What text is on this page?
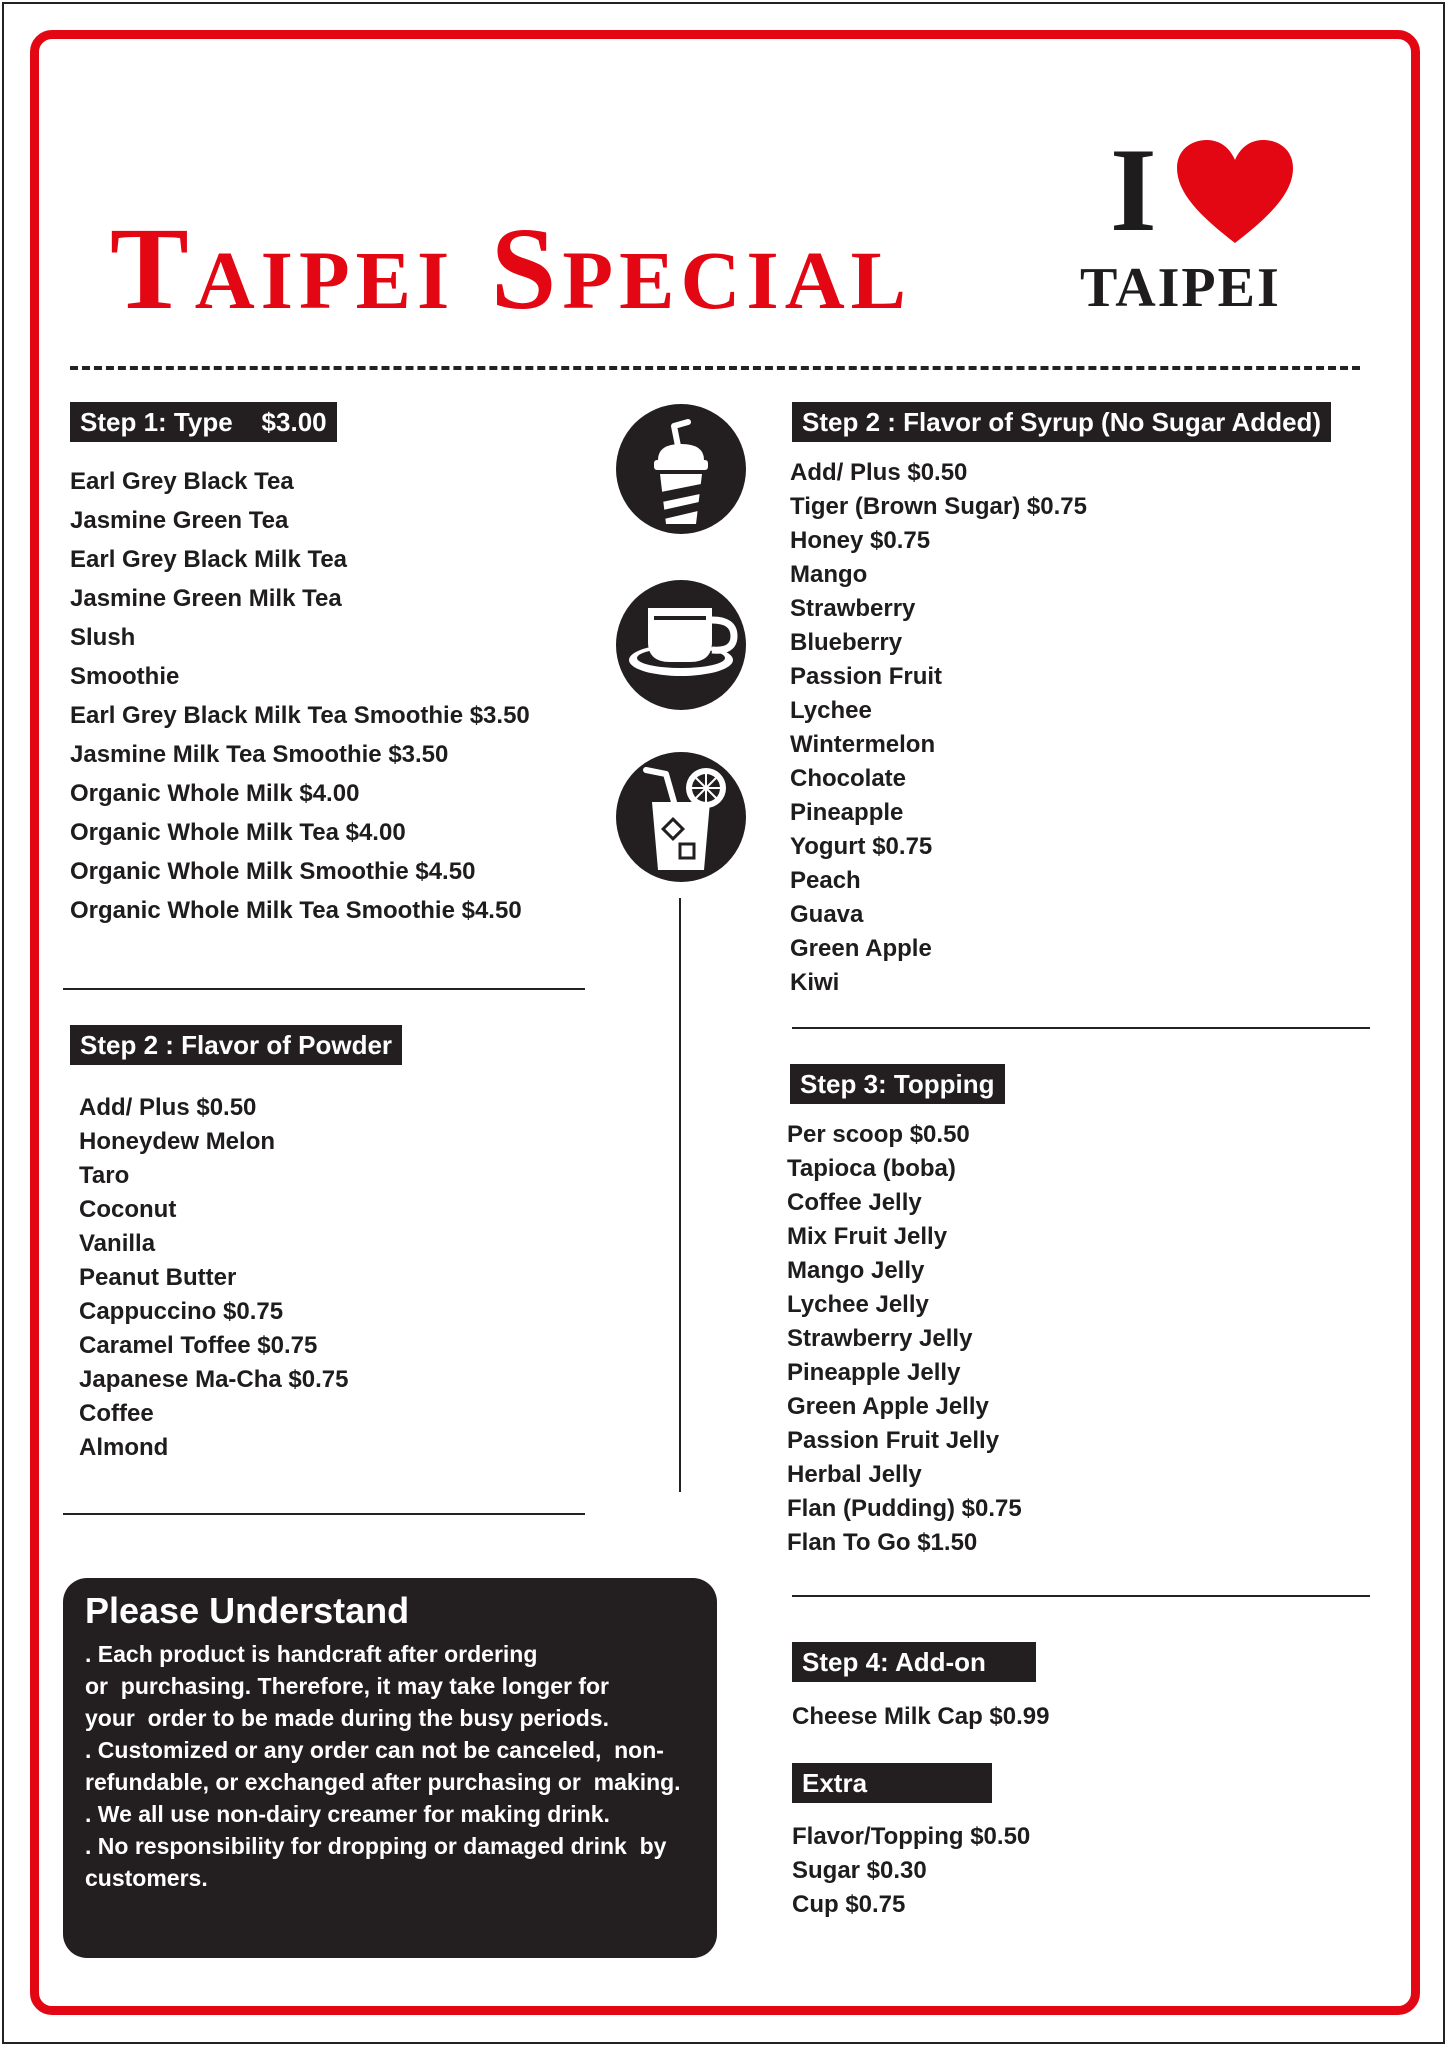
Taipei Special
I
TAIPEI
Step 1: Type    $3.00
Earl Grey Black Tea
Jasmine Green Tea
Earl Grey Black Milk Tea
Jasmine Green Milk Tea
Slush
Smoothie
Earl Grey Black Milk Tea Smoothie $3.50
Jasmine Milk Tea Smoothie $3.50
Organic Whole Milk $4.00
Organic Whole Milk Tea $4.00
Organic Whole Milk Smoothie $4.50
Organic Whole Milk Tea Smoothie $4.50
Step 2 : Flavor of Powder
Add/ Plus $0.50
Honeydew Melon
Taro
Coconut
Vanilla
Peanut Butter
Cappuccino $0.75
Caramel Toffee $0.75
Japanese Ma-Cha $0.75
Coffee
Almond
Step 2 : Flavor of Syrup (No Sugar Added)
Add/ Plus $0.50
Tiger (Brown Sugar) $0.75
Honey $0.75
Mango
Strawberry
Blueberry
Passion Fruit
Lychee
Wintermelon
Chocolate
Pineapple
Yogurt $0.75
Peach
Guava
Green Apple
Kiwi
Step 3: Topping
Per scoop $0.50
Tapioca (boba)
Coffee Jelly
Mix Fruit Jelly
Mango Jelly
Lychee Jelly
Strawberry Jelly
Pineapple Jelly
Green Apple Jelly
Passion Fruit Jelly
Herbal Jelly
Flan (Pudding) $0.75
Flan To Go $1.50
Step 4: Add-on
Cheese Milk Cap $0.99
Extra
Flavor/Topping $0.50
Sugar $0.30
Cup $0.75
Please Understand
. Each product is handcraft after ordering or  purchasing. Therefore, it may take longer for your  order to be made during the busy periods.
. Customized or any order can not be canceled,  non-refundable, or exchanged after purchasing or  making.
. We all use non-dairy creamer for making drink.
. No responsibility for dropping or damaged drink  by customers.
